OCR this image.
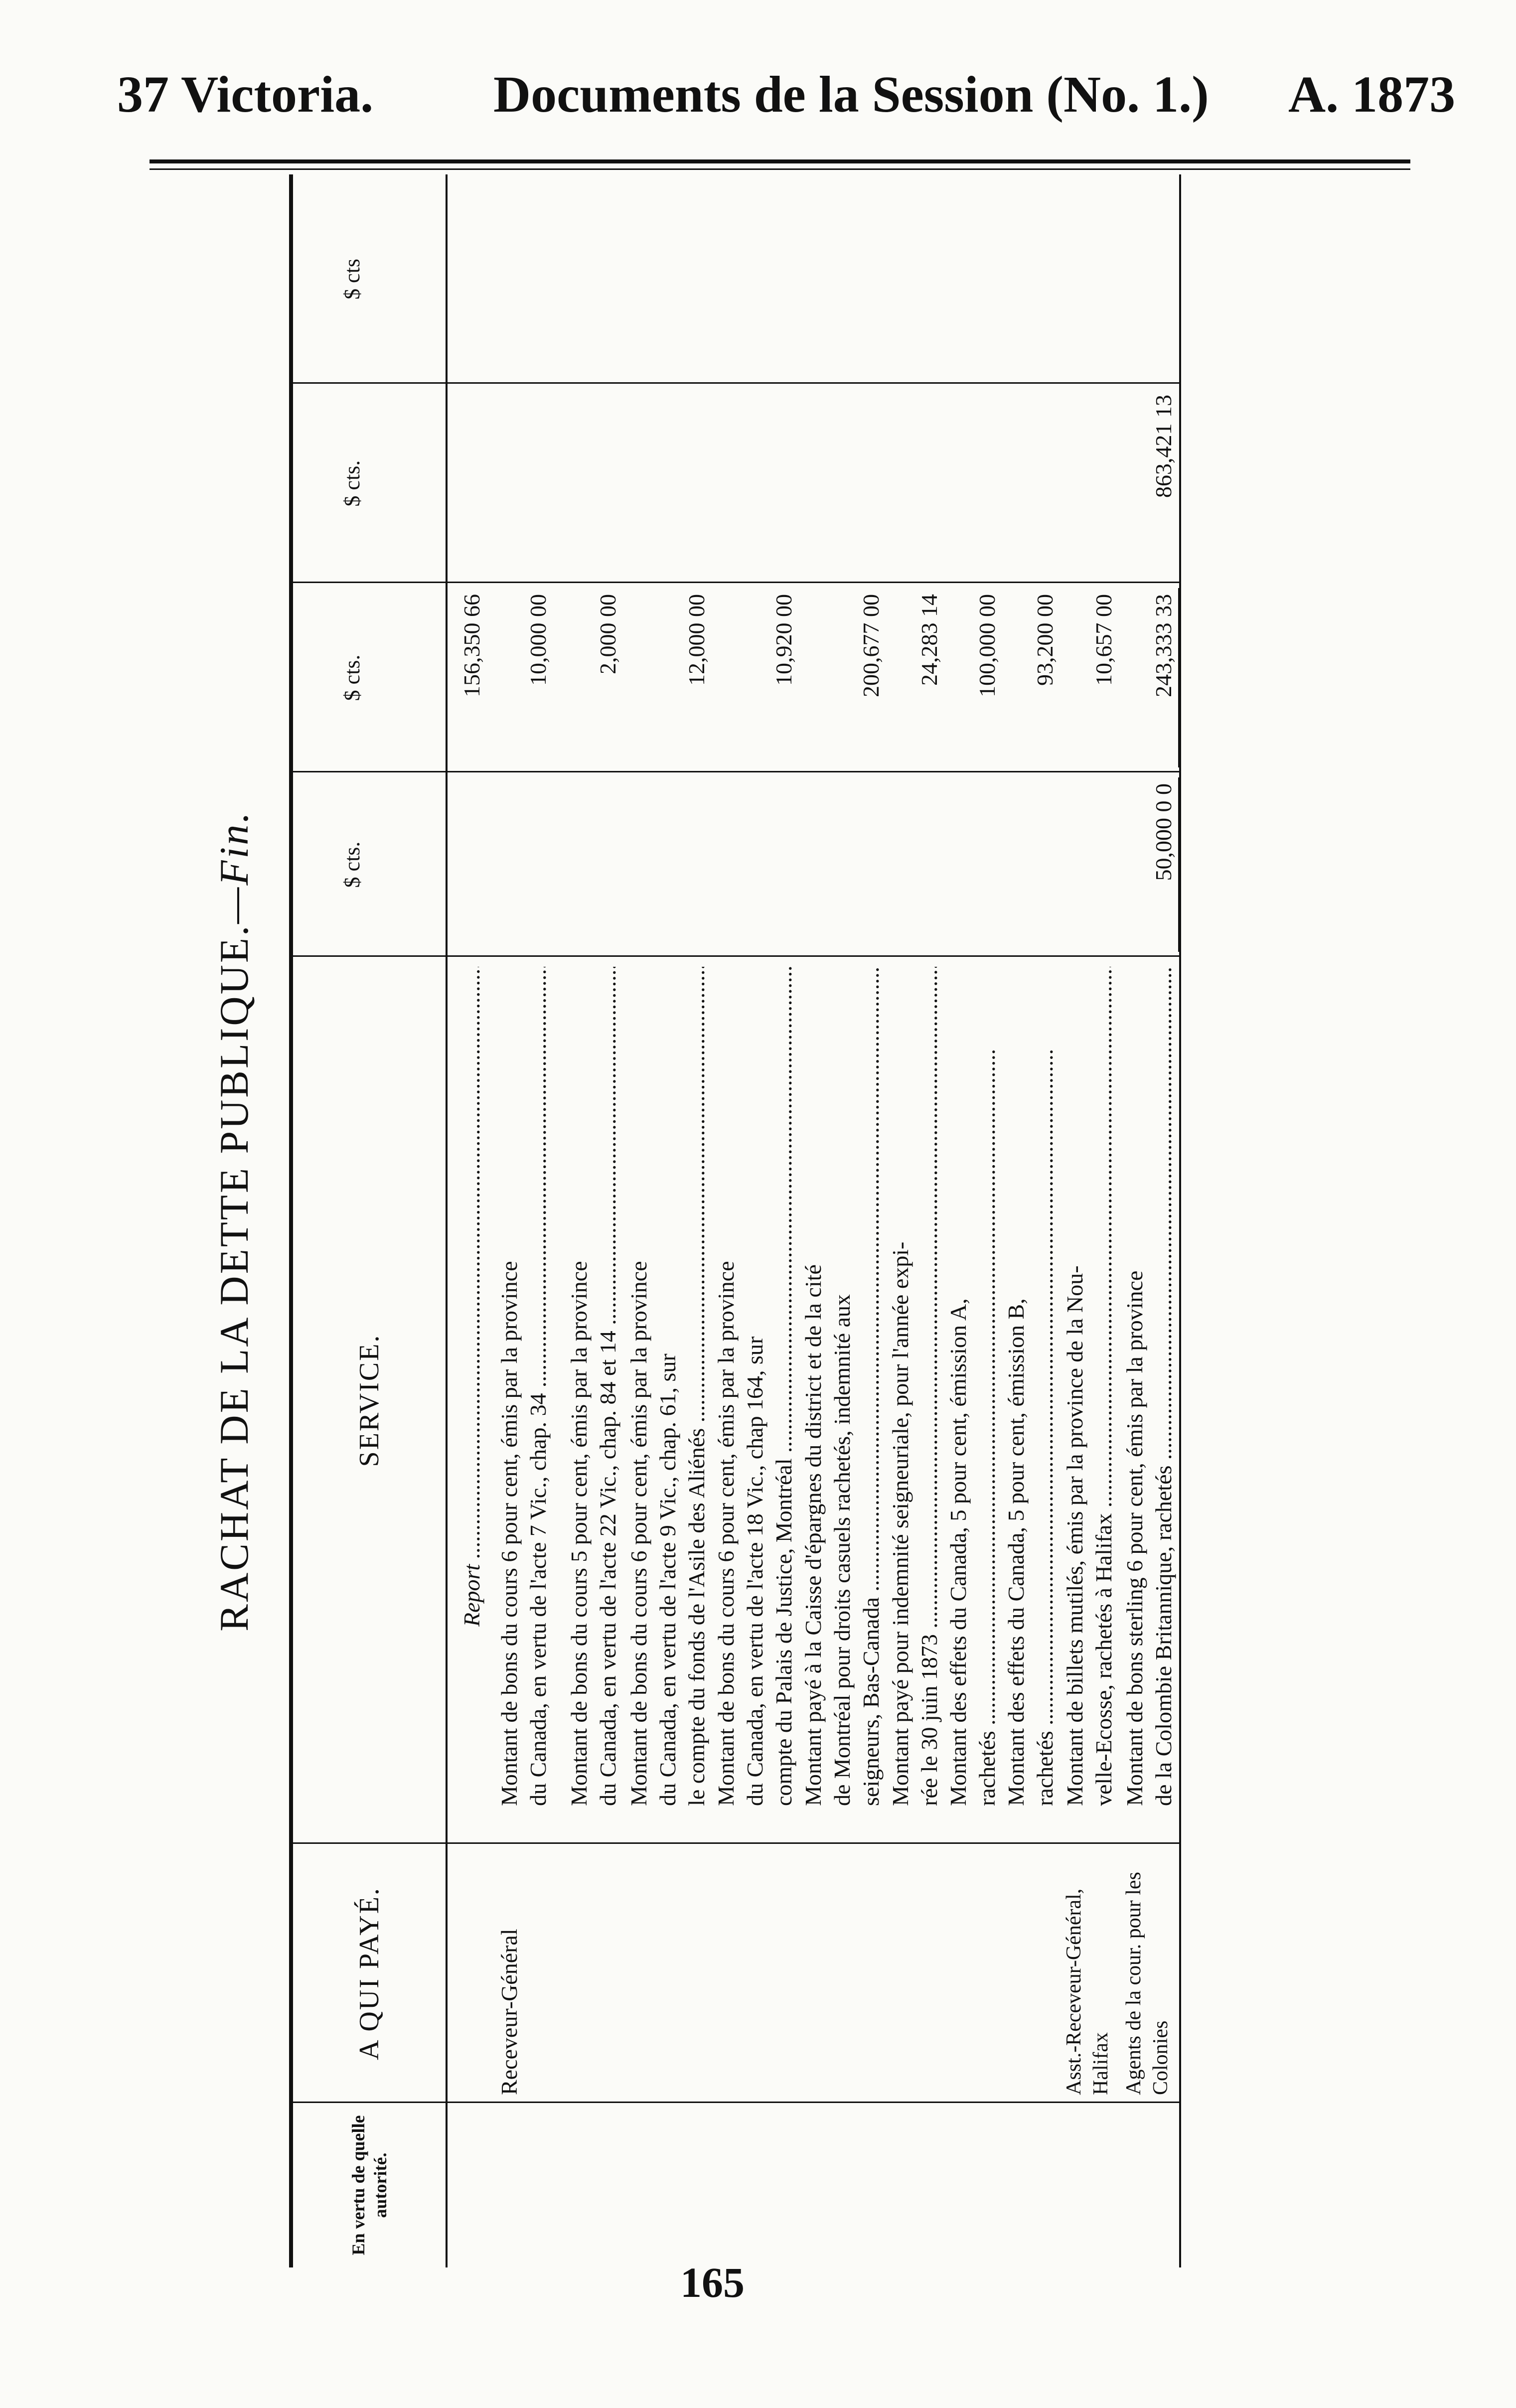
37 Victoria. Documents de la Session (No. 1.) A. 1873
RACHAT DE LA DETTE PUBLIQUE.—Fin.
En vertu de quelle autorité.
A QUI PAYÉ.
SERVICE.
$ cts.
$ cts.
$ cts.
$ cts
Report .....
156,350 66
Receveur-Général
Montant de bons du cours 6 pour cent, émis par la province du Canada, en vertu de l'acte 7 Vic., chap. 34 .....
10,000 00
Montant de bons du cours 5 pour cent, émis par la province du Canada, en vertu de l'acte 22 Vic., chap. 84 et 14 .....
2,000 00
Montant de bons du cours 6 pour cent, émis par la province du Canada, en vertu de l'acte 9 Vic., chap. 61, sur le compte du fonds de l'Asile des Aliénés .....
12,000 00
Montant de bons du cours 6 pour cent, émis par la province du Canada, en vertu de l'acte 18 Vic., chap 164, sur compte du Palais de Justice, Montréal .....
10,920 00
Montant payé à la Caisse d'épargnes du district et de la cité de Montréal pour droits casuels rachetés, indemnité aux seigneurs, Bas-Canada .....
200,677 00
Montant payé pour indemnité seigneuriale, pour l'année expi- rée le 30 juin 1873 .....
24,283 14
Montant des effets du Canada, 5 pour cent, émission A, rachetés .....
100,000 00
Montant des effets du Canada, 5 pour cent, émission B, rachetés .....
93,200 00
Asst.-Receveur-Général, Halifax
Montant de billets mutilés, émis par la province de la Nou- velle-Ecosse, rachetés à Halifax .....
10,657 00
Agents de la cour. pour les Colonies
Montant de bons sterling 6 pour cent, émis par la province de la Colombie Britannique, rachetés .....
50,000 0 0
243,333 33
863,421 13
165
